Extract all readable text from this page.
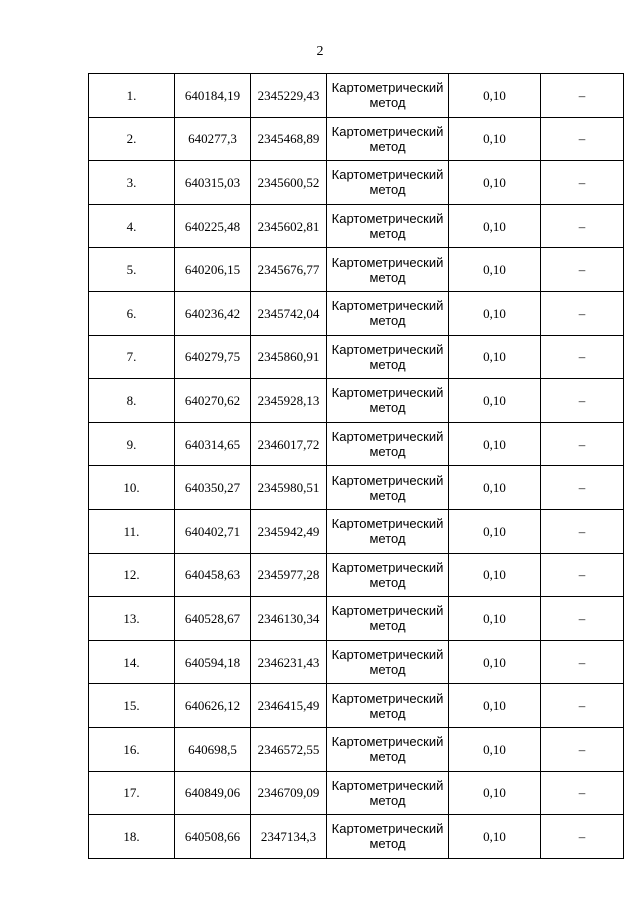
2
1.	640184,19	2345229,43	Картометрический метод	0,10	–
2.	640277,3	2345468,89	Картометрический метод	0,10	–
3.	640315,03	2345600,52	Картометрический метод	0,10	–
4.	640225,48	2345602,81	Картометрический метод	0,10	–
5.	640206,15	2345676,77	Картометрический метод	0,10	–
6.	640236,42	2345742,04	Картометрический метод	0,10	–
7.	640279,75	2345860,91	Картометрический метод	0,10	–
8.	640270,62	2345928,13	Картометрический метод	0,10	–
9.	640314,65	2346017,72	Картометрический метод	0,10	–
10.	640350,27	2345980,51	Картометрический метод	0,10	–
11.	640402,71	2345942,49	Картометрический метод	0,10	–
12.	640458,63	2345977,28	Картометрический метод	0,10	–
13.	640528,67	2346130,34	Картометрический метод	0,10	–
14.	640594,18	2346231,43	Картометрический метод	0,10	–
15.	640626,12	2346415,49	Картометрический метод	0,10	–
16.	640698,5	2346572,55	Картометрический метод	0,10	–
17.	640849,06	2346709,09	Картометрический метод	0,10	–
18.	640508,66	2347134,3	Картометрический метод	0,10	–
